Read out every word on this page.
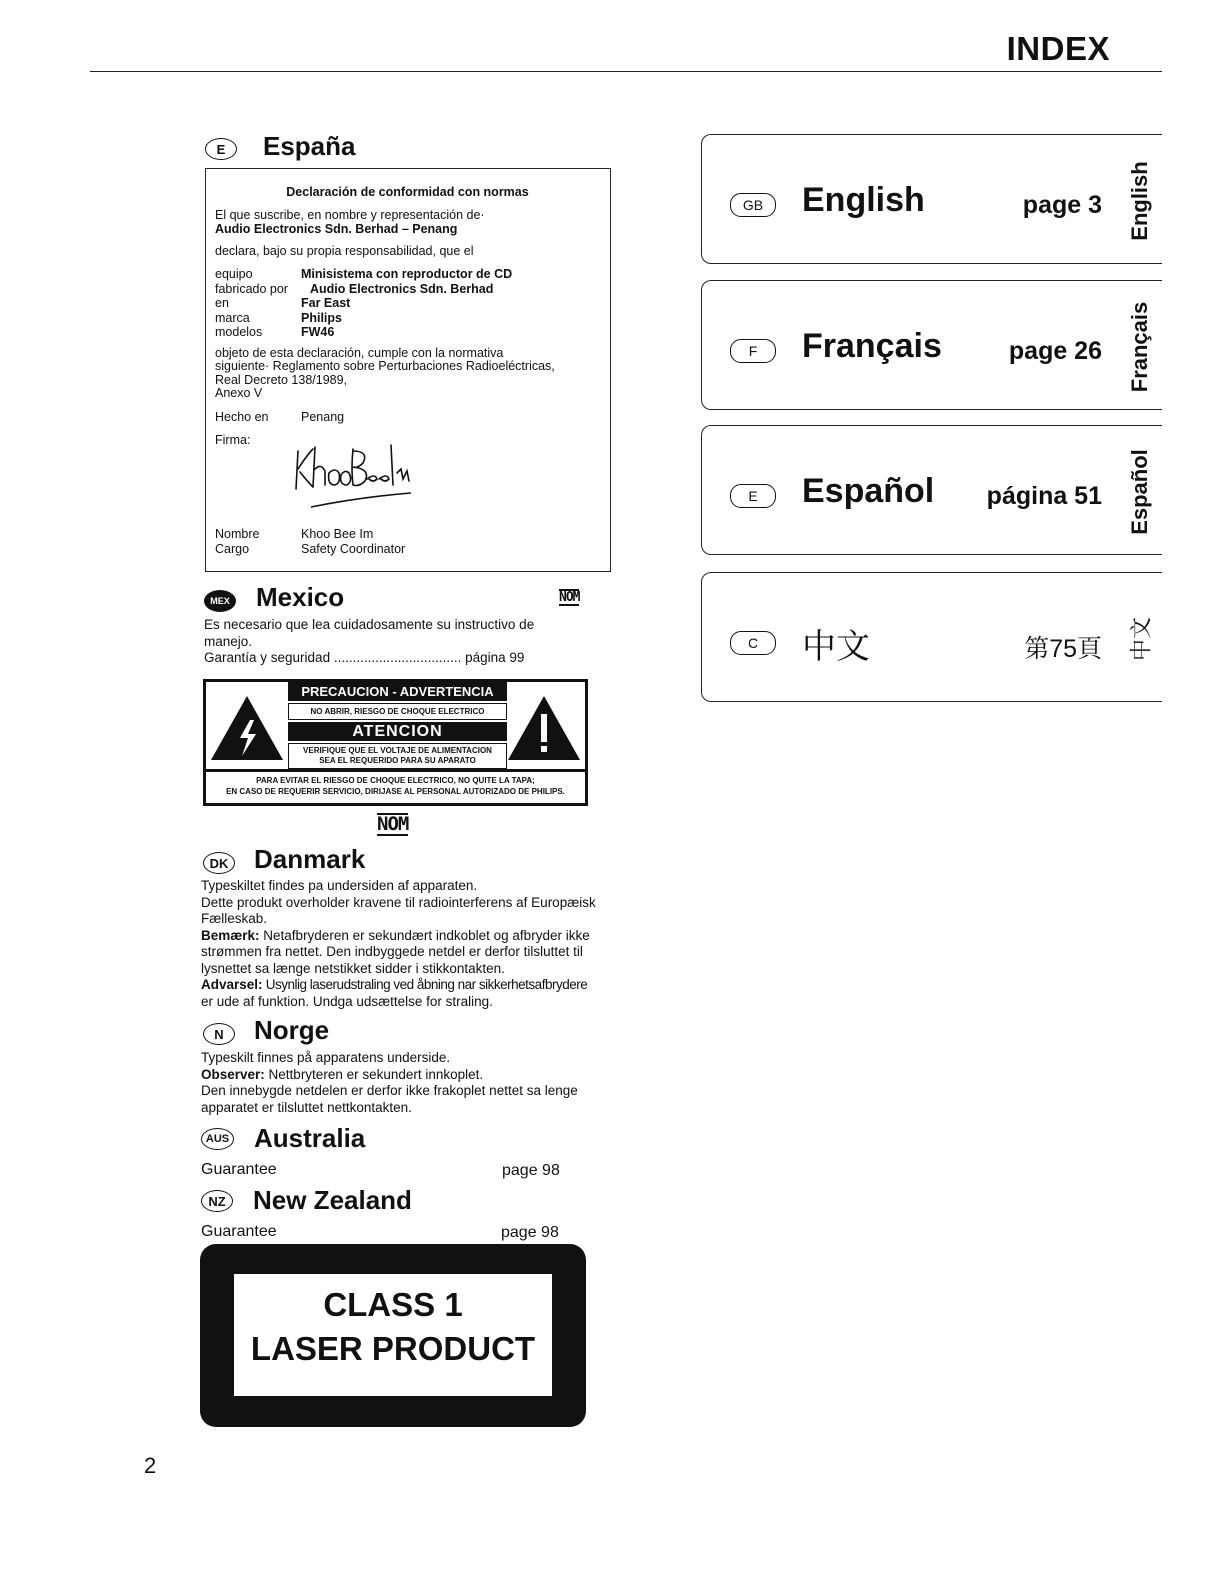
INDEX
E	España
Declaración de conformidad con normas
El que suscribe, en nombre y representación de·
Audio Electronics Sdn. Berhad – Penang
declara, bajo su propia responsabilidad, que el
equipo	Minisistema con reproductor de CD
fabricado por	Audio Electronics Sdn. Berhad
en	Far East
marca	Philips
modelos	FW46
objeto de esta declaración, cumple con la normativa
siguiente· Reglamento sobre Perturbaciones Radioeléctricas,
Real Decreto 138/1989,
Anexo V
Hecho en	Penang
Firma:
Nombre	Khoo Bee Im
Cargo	Safety Coordinator
MEX Mexico	NOM
Es necesario que lea cuidadosamente su instructivo de
manejo.
Garantía y seguridad .................................. página 99
PRECAUCION - ADVERTENCIA
NO ABRIR, RIESGO DE CHOQUE ELECTRICO
ATENCION
VERIFIQUE QUE EL VOLTAJE DE ALIMENTACION
SEA EL REQUERIDO PARA SU APARATO
PARA EVITAR EL RIESGO DE CHOQUE ELECTRICO, NO QUITE LA TAPA;
EN CASO DE REQUERIR SERVICIO, DIRIJASE AL PERSONAL AUTORIZADO DE PHILIPS.
NOM
DK Danmark
Typeskiltet findes pa undersiden af apparaten.
Dette produkt overholder kravene til radiointerferens af Europæisk
Fælleskab.
Bemærk: Netafbryderen er sekundært indkoblet og afbryder ikke
strømmen fra nettet. Den indbyggede netdel er derfor tilsluttet til
lysnettet sa længe netstikket sidder i stikkontakten.
Advarsel: Usynlig laserudstraling ved åbning nar sikkerhetsafbrydere
er ude af funktion. Undga udsættelse for straling.
N	Norge
Typeskilt finnes på apparatens underside.
Observer: Nettbryteren er sekundert innkoplet.
Den innebygde netdelen er derfor ikke frakoplet nettet sa lenge
apparatet er tilsluttet nettkontakten.
AUS Australia
Guarantee	page 98
NZ New Zealand
Guarantee	page 98
CLASS 1
LASER PRODUCT
GB	English	page 3 English
F	Français	page 26 Français
E	Español página 51 Español
C	中文	第75頁 中文
2
